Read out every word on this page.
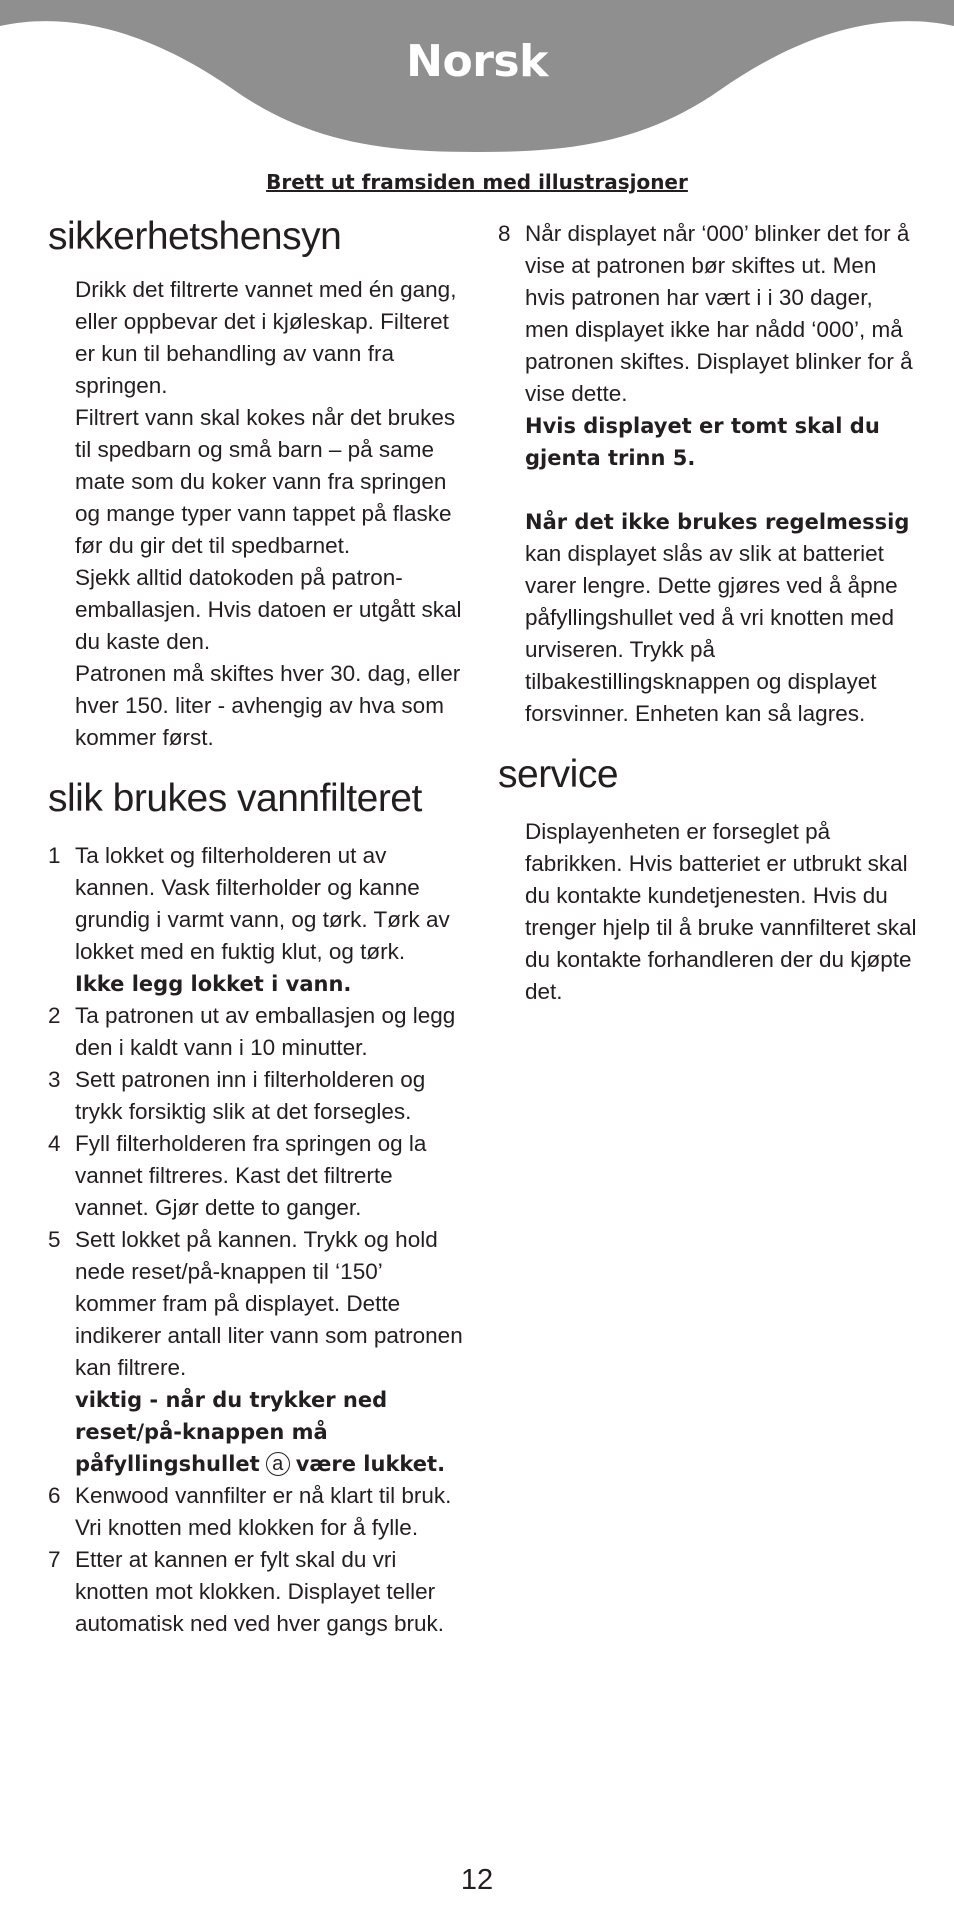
Norsk
Brett ut framsiden med illustrasjoner
sikkerhetshensyn
Drikk det filtrerte vannet med én gang, eller oppbevar det i kjøleskap. Filteret er kun til behandling av vann fra springen.
Filtrert vann skal kokes når det brukes til spedbarn og små barn – på same mate som du koker vann fra springen og mange typer vann tappet på flaske før du gir det til spedbarnet.
Sjekk alltid datokoden på patron-emballasjen. Hvis datoen er utgått skal du kaste den.
Patronen må skiftes hver 30. dag, eller hver 150. liter - avhengig av hva som kommer først.
slik brukes vannfilteret
1 Ta lokket og filterholderen ut av kannen. Vask filterholder og kanne grundig i varmt vann, og tørk. Tørk av lokket med en fuktig klut, og tørk.
Ikke legg lokket i vann.
2 Ta patronen ut av emballasjen og legg den i kaldt vann i 10 minutter.
3 Sett patronen inn i filterholderen og trykk forsiktig slik at det forsegles.
4 Fyll filterholderen fra springen og la vannet filtreres. Kast det filtrerte vannet. Gjør dette to ganger.
5 Sett lokket på kannen. Trykk og hold nede reset/på-knappen til ‘150’ kommer fram på displayet. Dette indikerer antall liter vann som patronen kan filtrere.
viktig - når du trykker ned reset/på-knappen må påfyllingshullet a være lukket.
6 Kenwood vannfilter er nå klart til bruk. Vri knotten med klokken for å fylle.
7 Etter at kannen er fylt skal du vri knotten mot klokken. Displayet teller automatisk ned ved hver gangs bruk.
8 Når displayet når ‘000’ blinker det for å vise at patronen bør skiftes ut. Men hvis patronen har vært i i 30 dager, men displayet ikke har nådd ‘000’, må patronen skiftes. Displayet blinker for å vise dette.
Hvis displayet er tomt skal du gjenta trinn 5.
Når det ikke brukes regelmessig kan displayet slås av slik at batteriet varer lengre. Dette gjøres ved å åpne påfyllingshullet ved å vri knotten med urviseren. Trykk på tilbakestillingsknappen og displayet forsvinner. Enheten kan så lagres.
service
Displayenheten er forseglet på fabrikken. Hvis batteriet er utbrukt skal du kontakte kundetjenesten. Hvis du trenger hjelp til å bruke vannfilteret skal du kontakte forhandleren der du kjøpte det.
12
